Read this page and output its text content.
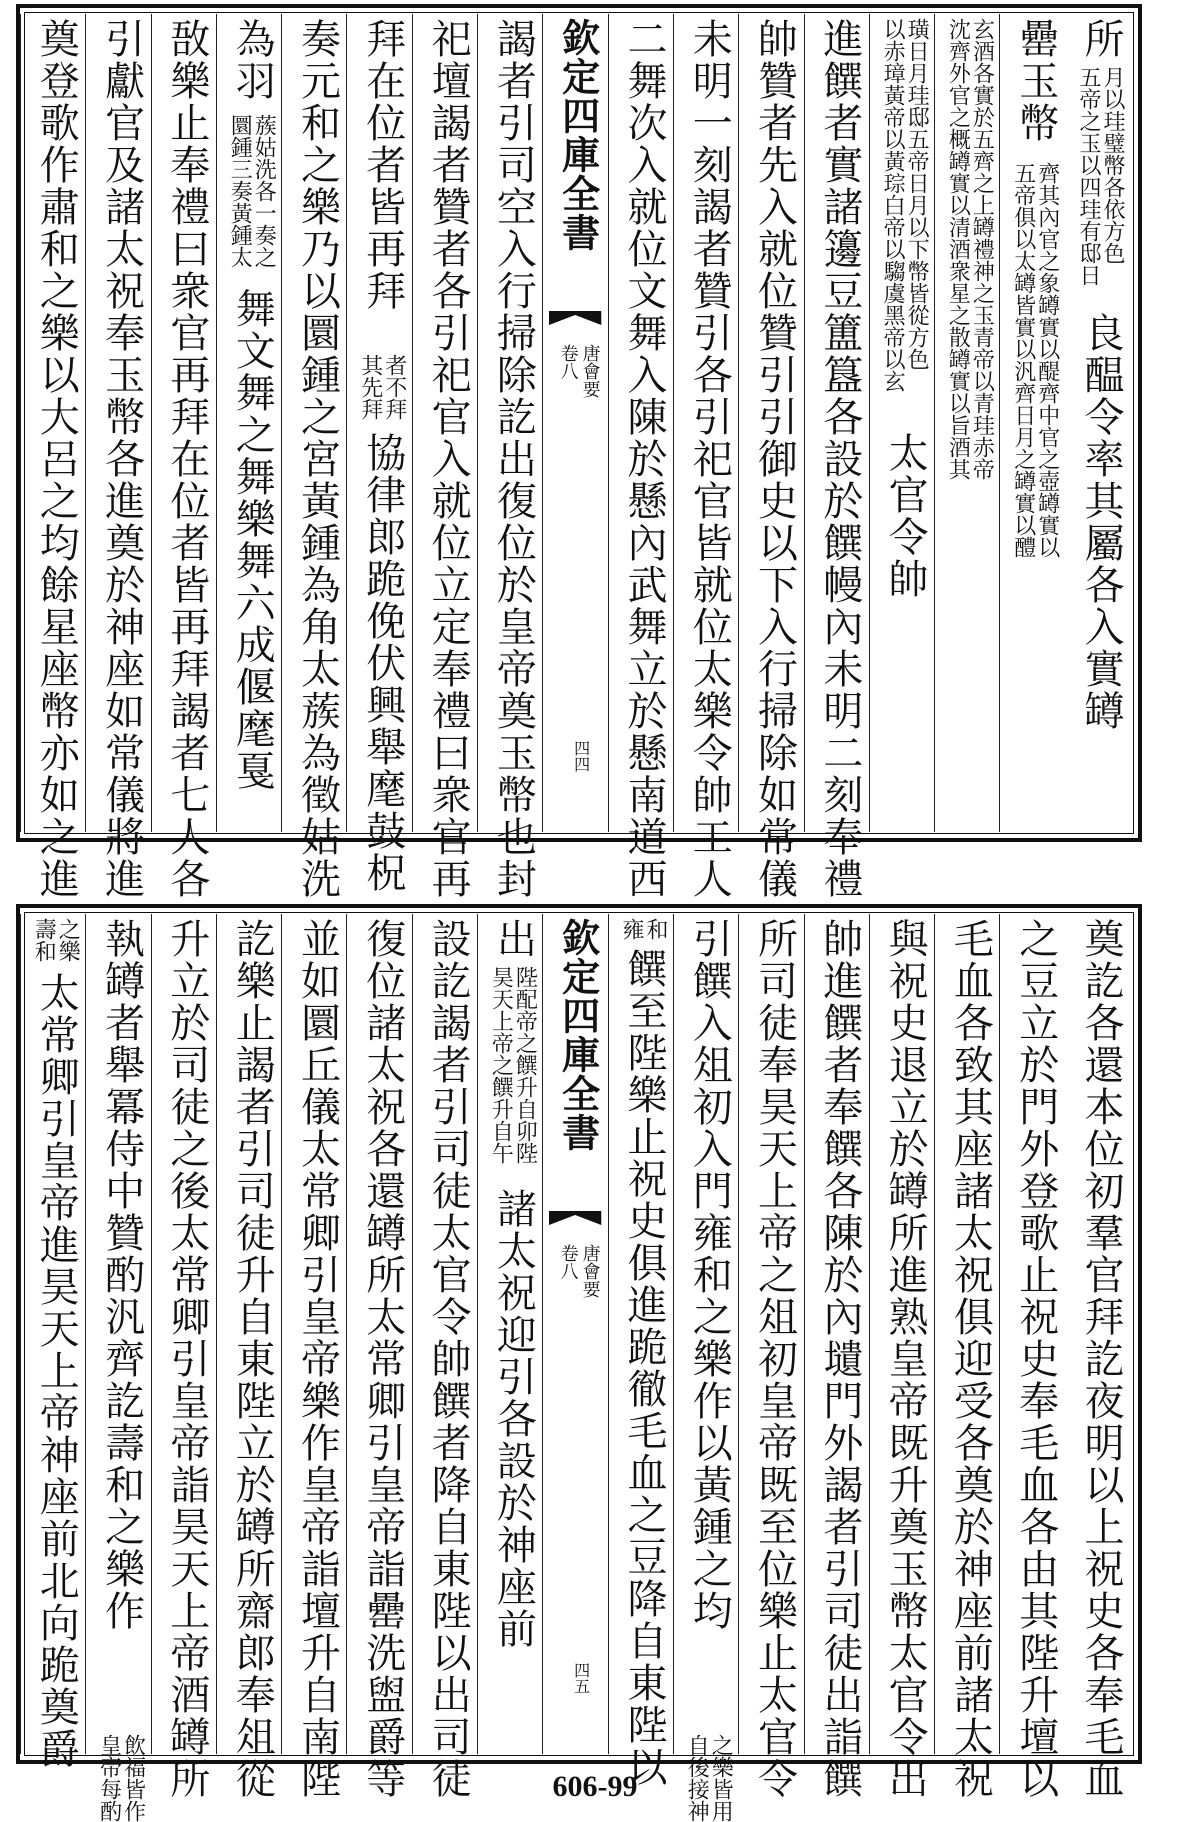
所
五帝之玉以四珪有邸日 月以珪璧幣各依方色
良醖令率其屬各入實罇
罍玉幣
五帝俱以太罇皆實以汎齊日月之罇實以醴 齊其內官之象罇實以醍齊中官之壺罇實以
沈齊外官之概罇實以清酒衆星之散罇實以旨酒其 玄酒各實於五齊之上罇禮神之玉青帝以青珪赤帝
以赤璋黃帝以黃琮白帝以騶虞黑帝以玄 璜日月珪邸五帝日月以下幣皆從方色
太官令帥
進饌者實諸籩豆簠簋各設於饌幔內未明二刻奉禮
帥贊者先入就位贊引引御史以下入行掃除如常儀
未明一刻謁者贊引各引祀官皆就位太樂令帥工人
二舞次入就位文舞入陳於懸內武舞立於懸南道西
欽定四庫全書
唐會要
卷八
四四
謁者引司空入行掃除訖出復位於皇帝奠玉幣也封
祀壇謁者贊者各引祀官入就位立定奉禮曰衆官再
拜在位者皆再拜
其先拜 者不拜
協律郎跪俛伏興舉麾鼓柷
奏元和之樂乃以圜鍾之宮黃鍾為角太蔟為徵姑洗
為羽
圜鍾三奏黃鍾太 蔟姑洗各一奏之
舞文舞之舞樂舞六成偃麾戛
敔樂止奉禮曰衆官再拜在位者皆再拜謁者七人各
引獻官及諸太祝奉玉幣各進奠於神座如常儀將進
奠登歌作肅和之樂以大呂之均餘星座幣亦如之進
奠訖各還本位初羣官拜訖夜明以上祝史各奉毛血
之豆立於門外登歌止祝史奉毛血各由其陛升壇以
毛血各致其座諸太祝俱迎受各奠於神座前諸太祝
與祝史退立於罇所進熟皇帝既升奠玉幣太官令出
帥進饌者奉饌各陳於內壝門外謁者引司徒出詣饌
所司徒奉昊天上帝之俎初皇帝既至位樂止太官令
引饌入俎初入門雍和之樂作以黃鍾之均
自後接神 之樂皆用
雍 和
饌至陛樂止祝史俱進跪徹毛血之豆降自東陛以
欽定四庫全書
唐會要
卷八
四五
出
昊天上帝之饌升自午 陛配帝之饌升自卯陛
諸太祝迎引各設於神座前
設訖謁者引司徒太官令帥饌者降自東陛以出司徒
復位諸太祝各還罇所太常卿引皇帝詣罍洗盥爵等
並如圜丘儀太常卿引皇帝樂作皇帝詣壇升自南陛
訖樂止謁者引司徒升自東陛立於罇所齋郎奉俎從
升立於司徒之後太常卿引皇帝詣昊天上帝酒罇所
執罇者舉冪侍中贊酌汎齊訖壽和之樂作
皇帝每酌 飲福皆作
壽和 之樂
太常卿引皇帝進昊天上帝神座前北向跪奠爵
606-99
